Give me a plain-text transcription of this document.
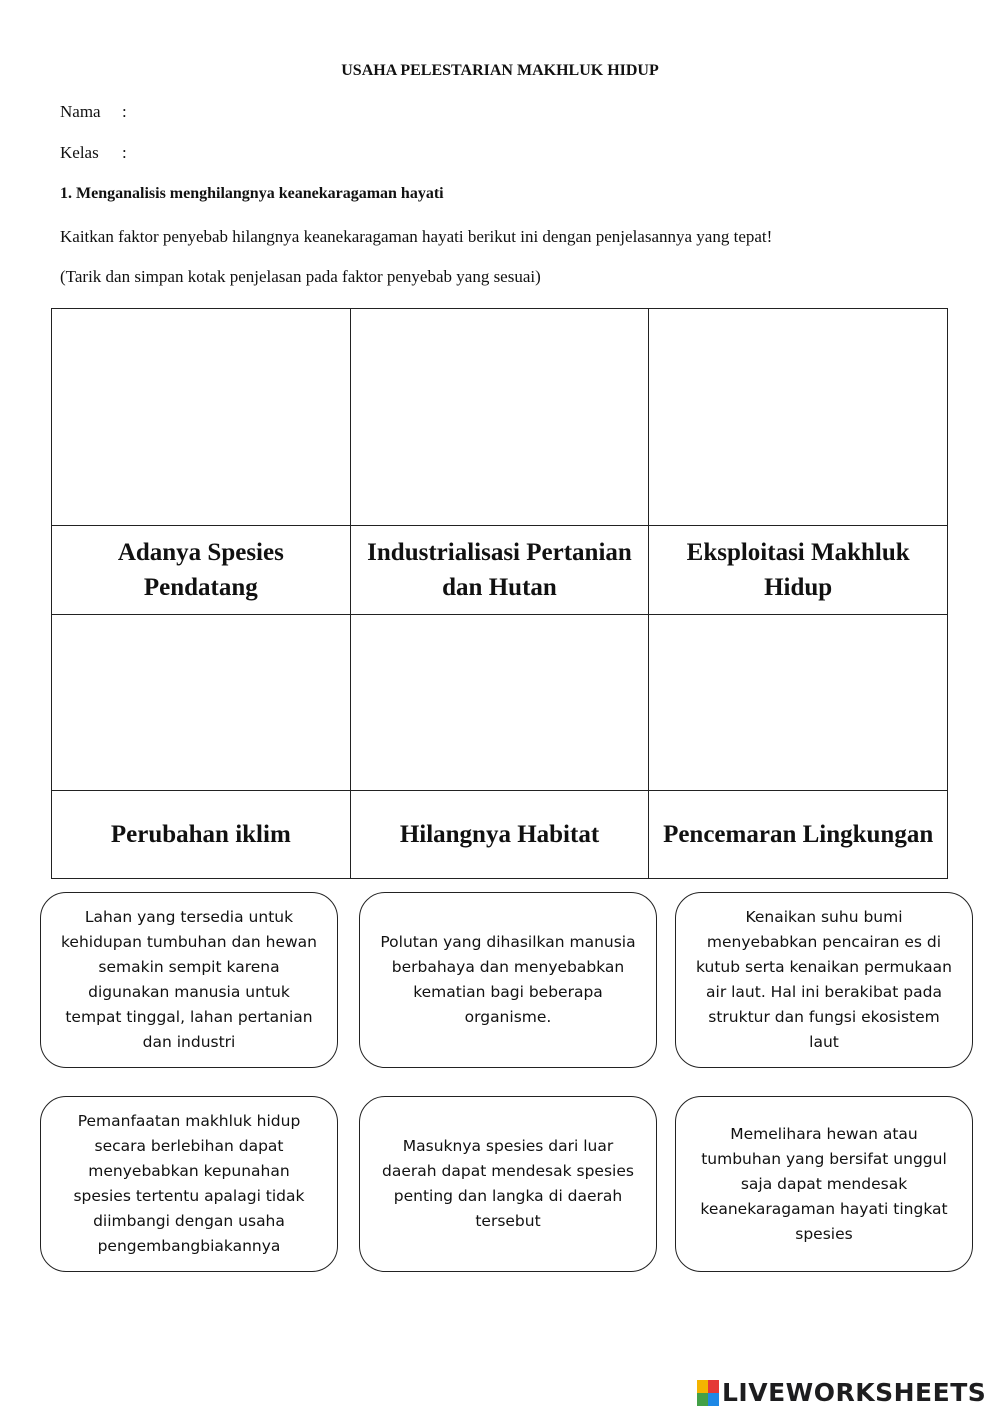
USAHA PELESTARIAN MAKHLUK HIDUP
Nama :
Kelas :
1. Menganalisis menghilangnya keanekaragaman hayati
Kaitkan faktor penyebab hilangnya keanekaragaman hayati berikut ini dengan penjelasannya yang tepat!
(Tarik dan simpan kotak penjelasan pada faktor penyebab yang sesuai)

Adanya Spesies Pendatang	Industrialisasi Pertanian dan Hutan	Eksploitasi Makhluk Hidup

Perubahan iklim	Hilangnya Habitat	Pencemaran Lingkungan
Lahan yang tersedia untuk kehidupan tumbuhan dan hewan semakin sempit karena digunakan manusia untuk tempat tinggal, lahan pertanian dan industri
Polutan yang dihasilkan manusia berbahaya dan menyebabkan kematian bagi beberapa organisme.
Kenaikan suhu bumi menyebabkan pencairan es di kutub serta kenaikan permukaan air laut. Hal ini berakibat pada struktur dan fungsi ekosistem laut
Pemanfaatan makhluk hidup secara berlebihan dapat menyebabkan kepunahan spesies tertentu apalagi tidak diimbangi dengan usaha pengembangbiakannya
Masuknya spesies dari luar daerah dapat mendesak spesies penting dan langka di daerah tersebut
Memelihara hewan atau tumbuhan yang bersifat unggul saja dapat mendesak keanekaragaman hayati tingkat spesies
LIVEWORKSHEETS
